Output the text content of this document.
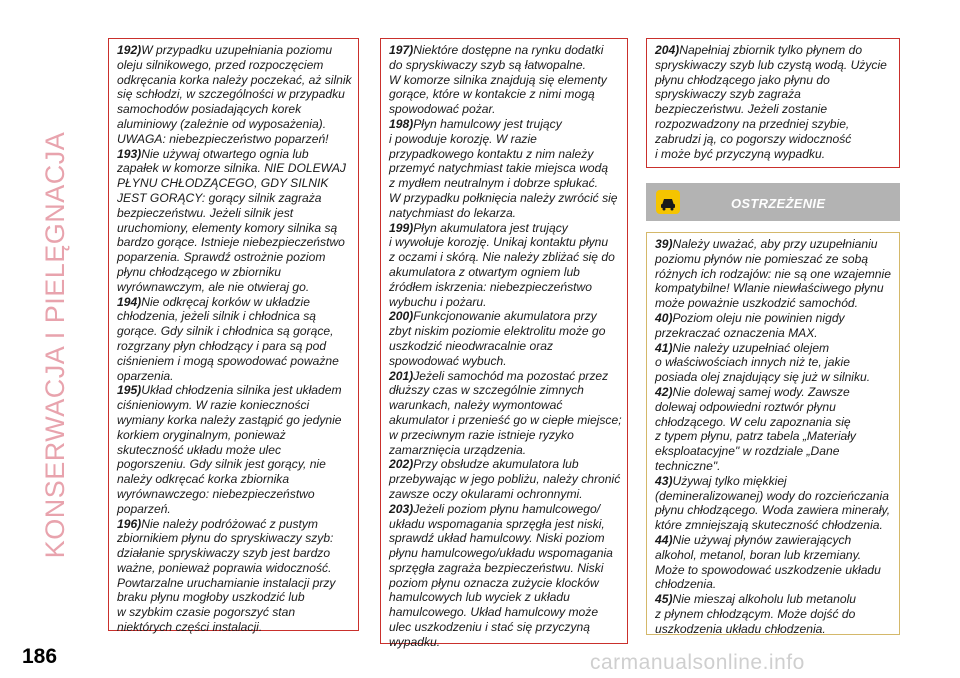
KONSERWACJA I PIELĘGNACJA
186

192)W przypadku uzupełniania poziomu
oleju silnikowego, przed rozpoczęciem
odkręcania korka należy poczekać, aż silnik
się schłodzi, w szczególności w przypadku
samochodów posiadających korek
aluminiowy (zależnie od wyposażenia).
UWAGA: niebezpieczeństwo poparzeń!

193)Nie używaj otwartego ognia lub
zapałek w komorze silnika. NIE DOLEWAJ
PŁYNU CHŁODZĄCEGO, GDY SILNIK
JEST GORĄCY: gorący silnik zagraża
bezpieczeństwu. Jeżeli silnik jest
uruchomiony, elementy komory silnika są
bardzo gorące. Istnieje niebezpieczeństwo
poparzenia. Sprawdź ostrożnie poziom
płynu chłodzącego w zbiorniku
wyrównawczym, ale nie otwieraj go.

194)Nie odkręcaj korków w układzie
chłodzenia, jeżeli silnik i chłodnica są
gorące. Gdy silnik i chłodnica są gorące,
rozgrzany płyn chłodzący i para są pod
ciśnieniem i mogą spowodować poważne
oparzenia.

195)Układ chłodzenia silnika jest układem
ciśnieniowym. W razie konieczności
wymiany korka należy zastąpić go jedynie
korkiem oryginalnym, ponieważ
skuteczność układu może ulec
pogorszeniu. Gdy silnik jest gorący, nie
należy odkręcać korka zbiornika
wyrównawczego: niebezpieczeństwo
poparzeń.

196)Nie należy podróżować z pustym
zbiornikiem płynu do spryskiwaczy szyb:
działanie spryskiwaczy szyb jest bardzo
ważne, ponieważ poprawia widoczność.
Powtarzalne uruchamianie instalacji przy
braku płynu mogłoby uszkodzić lub
w szybkim czasie pogorszyć stan
niektórych części instalacji.

197)Niektóre dostępne na rynku dodatki
do spryskiwaczy szyb są łatwopalne.
W komorze silnika znajdują się elementy
gorące, które w kontakcie z nimi mogą
spowodować pożar.

198)Płyn hamulcowy jest trujący
i powoduje korozję. W razie
przypadkowego kontaktu z nim należy
przemyć natychmiast takie miejsca wodą
z mydłem neutralnym i dobrze spłukać.
W przypadku połknięcia należy zwrócić się
natychmiast do lekarza.

199)Płyn akumulatora jest trujący
i wywołuje korozję. Unikaj kontaktu płynu
z oczami i skórą. Nie należy zbliżać się do
akumulatora z otwartym ogniem lub
źródłem iskrzenia: niebezpieczeństwo
wybuchu i pożaru.

200)Funkcjonowanie akumulatora przy
zbyt niskim poziomie elektrolitu może go
uszkodzić nieodwracalnie oraz
spowodować wybuch.

201)Jeżeli samochód ma pozostać przez
dłuższy czas w szczególnie zimnych
warunkach, należy wymontować
akumulator i przenieść go w ciepłe miejsce;
w przeciwnym razie istnieje ryzyko
zamarznięcia urządzenia.

202)Przy obsłudze akumulatora lub
przebywając w jego pobliżu, należy chronić
zawsze oczy okularami ochronnymi.

203)Jeżeli poziom płynu hamulcowego/
układu wspomagania sprzęgła jest niski,
sprawdź układ hamulcowy. Niski poziom
płynu hamulcowego/układu wspomagania
sprzęgła zagraża bezpieczeństwu. Niski
poziom płynu oznacza zużycie klocków
hamulcowych lub wyciek z układu
hamulcowego. Układ hamulcowy może
ulec uszkodzeniu i stać się przyczyną
wypadku.

204)Napełniaj zbiornik tylko płynem do
spryskiwaczy szyb lub czystą wodą. Użycie
płynu chłodzącego jako płynu do
spryskiwaczy szyb zagraża
bezpieczeństwu. Jeżeli zostanie
rozpozwadzony na przedniej szybie,
zabrudzi ją, co pogorszy widoczność
i może być przyczyną wypadku.

OSTRZEŻENIE

39)Należy uważać, aby przy uzupełnianiu
poziomu płynów nie pomieszać ze sobą
różnych ich rodzajów: nie są one wzajemnie
kompatybilne! Wlanie niewłaściwego płynu
może poważnie uszkodzić samochód.

40)Poziom oleju nie powinien nigdy
przekraczać oznaczenia MAX.

41)Nie należy uzupełniać olejem
o właściwościach innych niż te, jakie
posiada olej znajdujący się już w silniku.

42)Nie dolewaj samej wody. Zawsze
dolewaj odpowiedni roztwór płynu
chłodzącego. W celu zapoznania się
z typem płynu, patrz tabela „Materiały
eksploatacyjne" w rozdziale „Dane
techniczne".

43)Używaj tylko miękkiej
(demineralizowanej) wody do rozcieńczania
płynu chłodzącego. Woda zawiera minerały,
które zmniejszają skuteczność chłodzenia.

44)Nie używaj płynów zawierających
alkohol, metanol, boran lub krzemiany.
Może to spowodować uszkodzenie układu
chłodzenia.

45)Nie mieszaj alkoholu lub metanolu
z płynem chłodzącym. Może dojść do
uszkodzenia układu chłodzenia.

carmanualsonline.info
